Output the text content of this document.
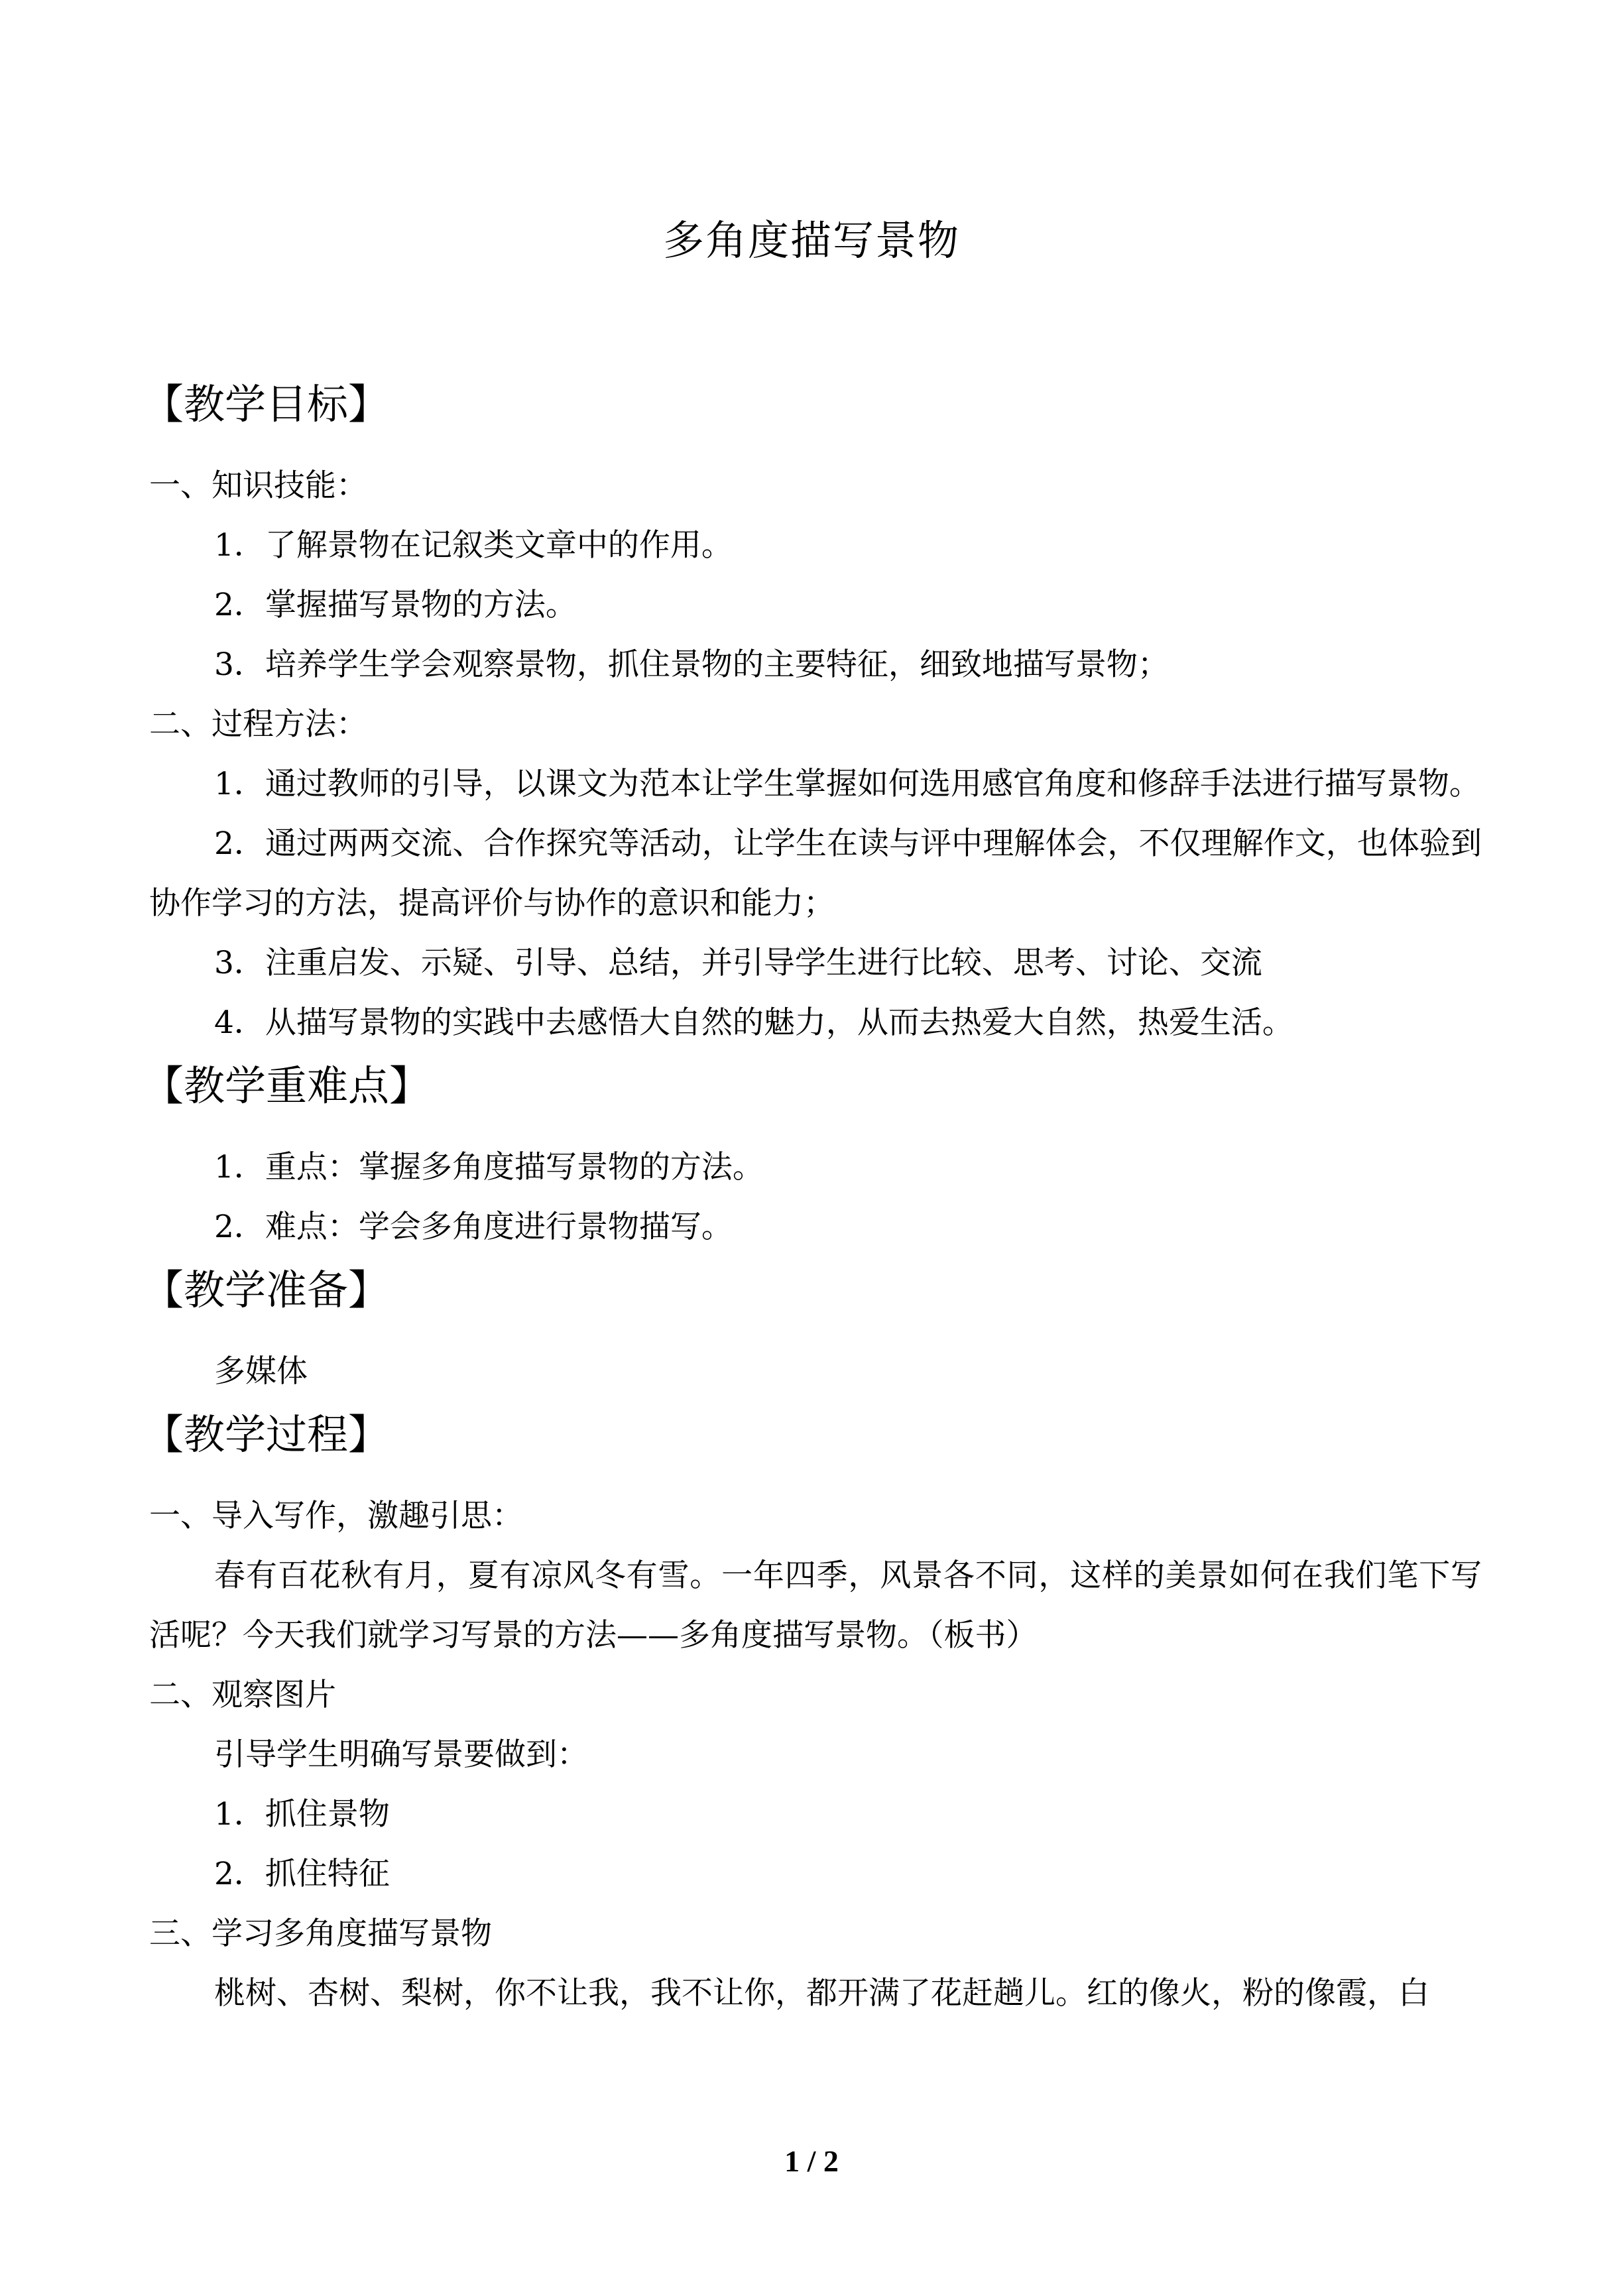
多角度描写景物
【教学目标】
一、知识技能：
1．了解景物在记叙类文章中的作用。
2．掌握描写景物的方法。
3．培养学生学会观察景物，抓住景物的主要特征，细致地描写景物；
二、过程方法：
1．通过教师的引导，以课文为范本让学生掌握如何选用感官角度和修辞手法进行描写景物。
2．通过两两交流、合作探究等活动，让学生在读与评中理解体会，不仅理解作文，也体验到协作学习的方法，提高评价与协作的意识和能力；
3．注重启发、示疑、引导、总结，并引导学生进行比较、思考、讨论、交流
4．从描写景物的实践中去感悟大自然的魅力，从而去热爱大自然，热爱生活。
【教学重难点】
1．重点：掌握多角度描写景物的方法。
2．难点：学会多角度进行景物描写。
【教学准备】
多媒体
【教学过程】
一、导入写作，激趣引思：
春有百花秋有月，夏有凉风冬有雪。一年四季，风景各不同，这样的美景如何在我们笔下写活呢？今天我们就学习写景的方法——多角度描写景物。（板书）
二、观察图片
引导学生明确写景要做到：
1．抓住景物
2．抓住特征
三、学习多角度描写景物
桃树、杏树、梨树，你不让我，我不让你，都开满了花赶趟儿。红的像火，粉的像霞，白
1 / 2
